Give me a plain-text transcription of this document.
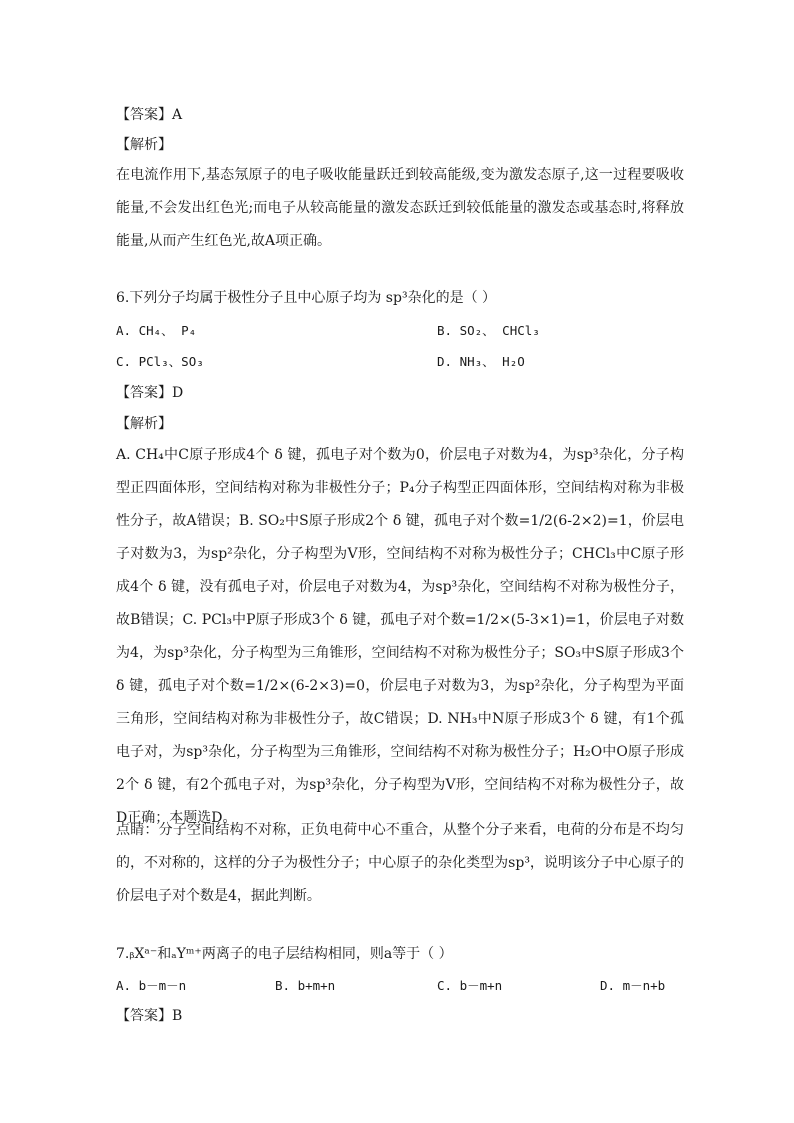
【答案】A
【解析】
在电流作用下,基态氖原子的电子吸收能量跃迁到较高能级,变为激发态原子,这一过程要吸收能量,不会发出红色光;而电子从较高能量的激发态跃迁到较低能量的激发态或基态时,将释放能量,从而产生红色光,故A项正确。
6.下列分子均属于极性分子且中心原子均为 sp³杂化的是（ ）
A. CH₄、 P₄	B. SO₂、 CHCl₃
C. PCl₃、SO₃	D. NH₃、 H₂O
【答案】D
【解析】
A. CH₄中C原子形成4个 δ 键，孤电子对个数为0，价层电子对数为4，为sp³杂化，分子构型正四面体形，空间结构对称为非极性分子；P₄分子构型正四面体形，空间结构对称为非极性分子，故A错误；B. SO₂中S原子形成2个 δ 键，孤电子对个数=1/2(6-2×2)=1，价层电子对数为3，为sp²杂化，分子构型为V形，空间结构不对称为极性分子；CHCl₃中C原子形成4个 δ 键，没有孤电子对，价层电子对数为4，为sp³杂化，空间结构不对称为极性分子，故B错误；C. PCl₃中P原子形成3个 δ 键，孤电子对个数=1/2×(5-3×1)=1，价层电子对数为4，为sp³杂化，分子构型为三角锥形，空间结构不对称为极性分子；SO₃中S原子形成3个 δ 键，孤电子对个数=1/2×(6-2×3)=0，价层电子对数为3，为sp²杂化，分子构型为平面三角形，空间结构对称为非极性分子，故C错误；D. NH₃中N原子形成3个 δ 键，有1个孤电子对，为sp³杂化，分子构型为三角锥形，空间结构不对称为极性分子；H₂O中O原子形成2个 δ 键，有2个孤电子对，为sp³杂化，分子构型为V形，空间结构不对称为极性分子，故D正确；本题选D。
点睛：分子空间结构不对称，正负电荷中心不重合，从整个分子来看，电荷的分布是不均匀的，不对称的，这样的分子为极性分子；中心原子的杂化类型为sp³，说明该分子中心原子的价层电子对个数是4，据此判断。
7.ᵦXᵃ⁻和ₐYᵐ⁺两离子的电子层结构相同，则a等于（ ）
A. b－m－n	B. b+m+n	C. b－m+n	D. m－n+b
【答案】B
